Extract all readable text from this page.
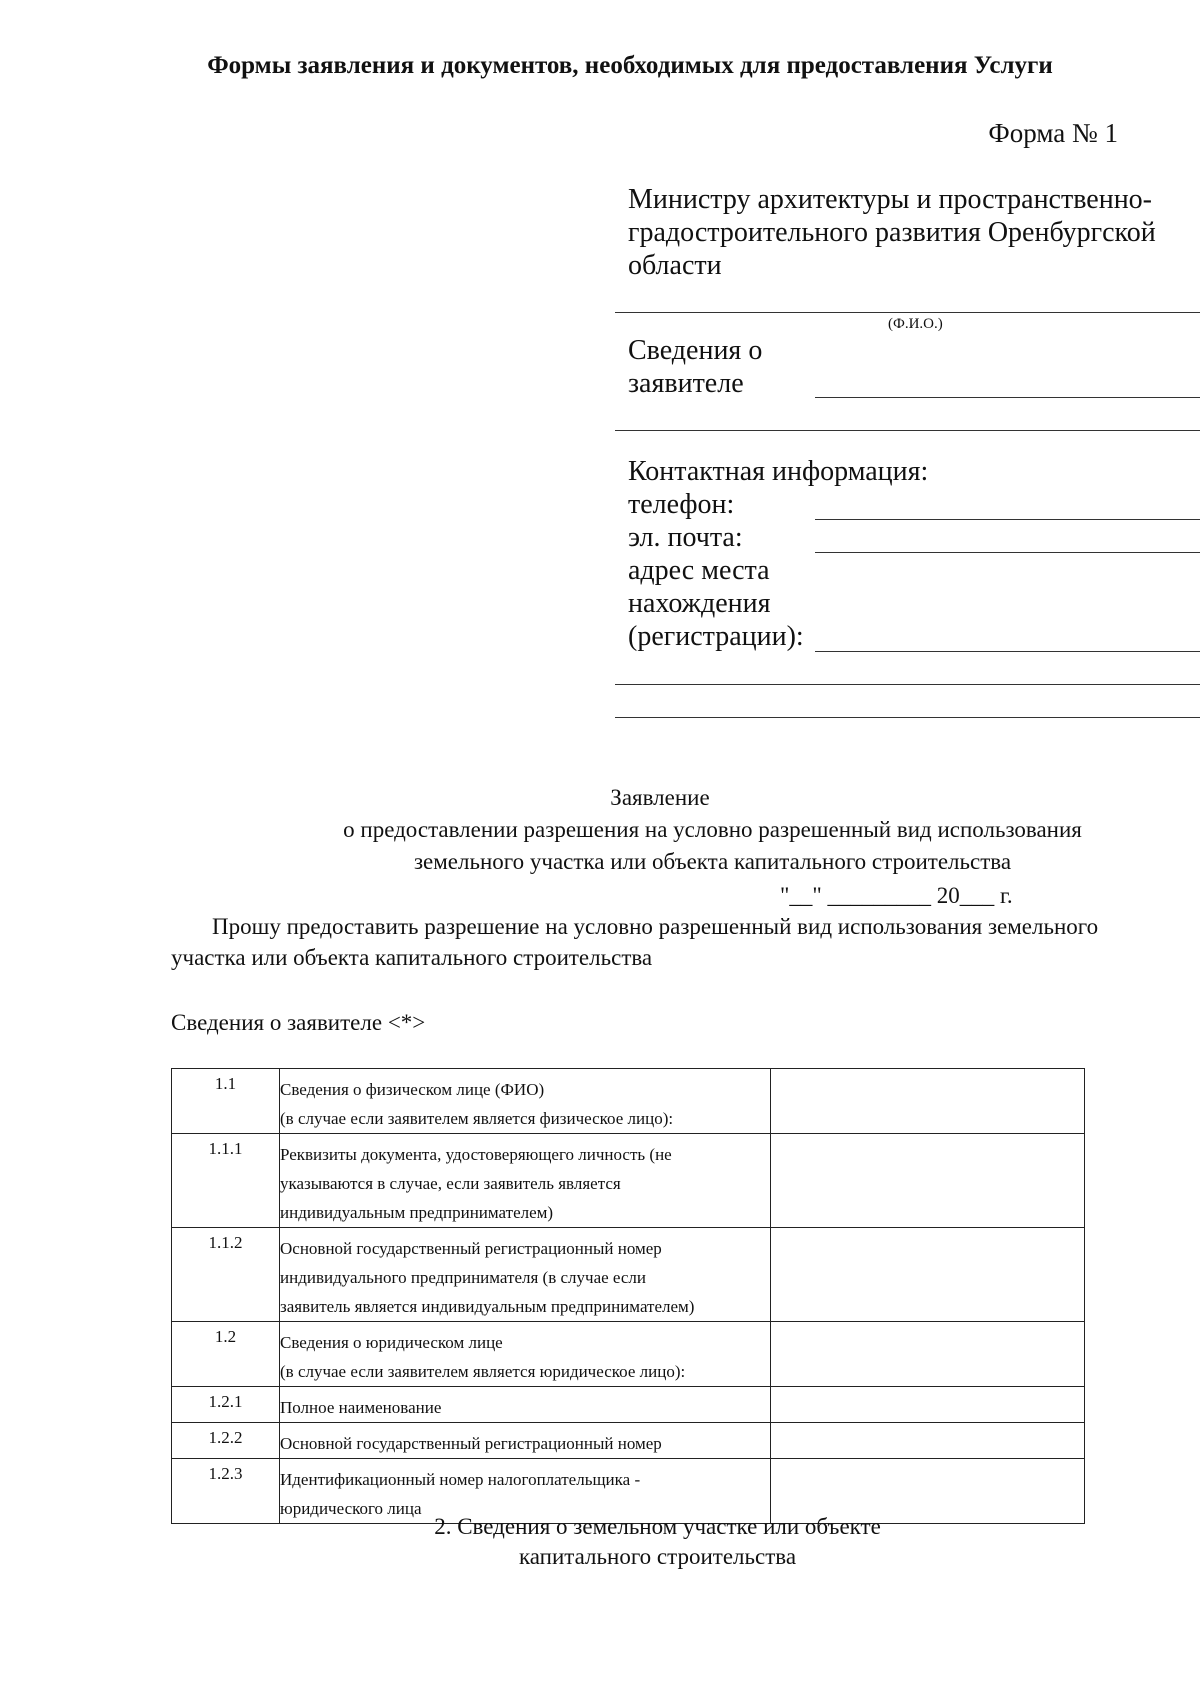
Формы заявления и документов, необходимых для предоставления Услуги
Форма № 1
Министру архитектуры и пространственно-
градостроительного развития Оренбургской
области
(Ф.И.О.)
Сведения о
заявителе
Контактная информация:
телефон:
эл. почта:
адрес места
нахождения
(регистрации):
Заявление
о предоставлении разрешения на условно разрешенный вид использования
земельного участка или объекта капитального строительства
"__" _________ 20___ г.
Прошу предоставить разрешение на условно разрешенный вид использования земельного
участка или объекта капитального строительства
Сведения о заявителе <*>
1.1	Сведения о физическом лице (ФИО)
(в случае если заявителем является физическое лицо):	

1.1.1	Реквизиты документа, удостоверяющего личность (не
указываются в случае, если заявитель является
индивидуальным предпринимателем)	

1.1.2	Основной государственный регистрационный номер
индивидуального предпринимателя (в случае если
заявитель является индивидуальным предпринимателем)	

1.2	Сведения о юридическом лице
(в случае если заявителем является юридическое лицо):	

1.2.1	Полное наименование	

1.2.2	Основной государственный регистрационный номер	

1.2.3	Идентификационный номер налогоплательщика -
юридического лица	

2. Сведения о земельном участке или объекте
капитального строительства
